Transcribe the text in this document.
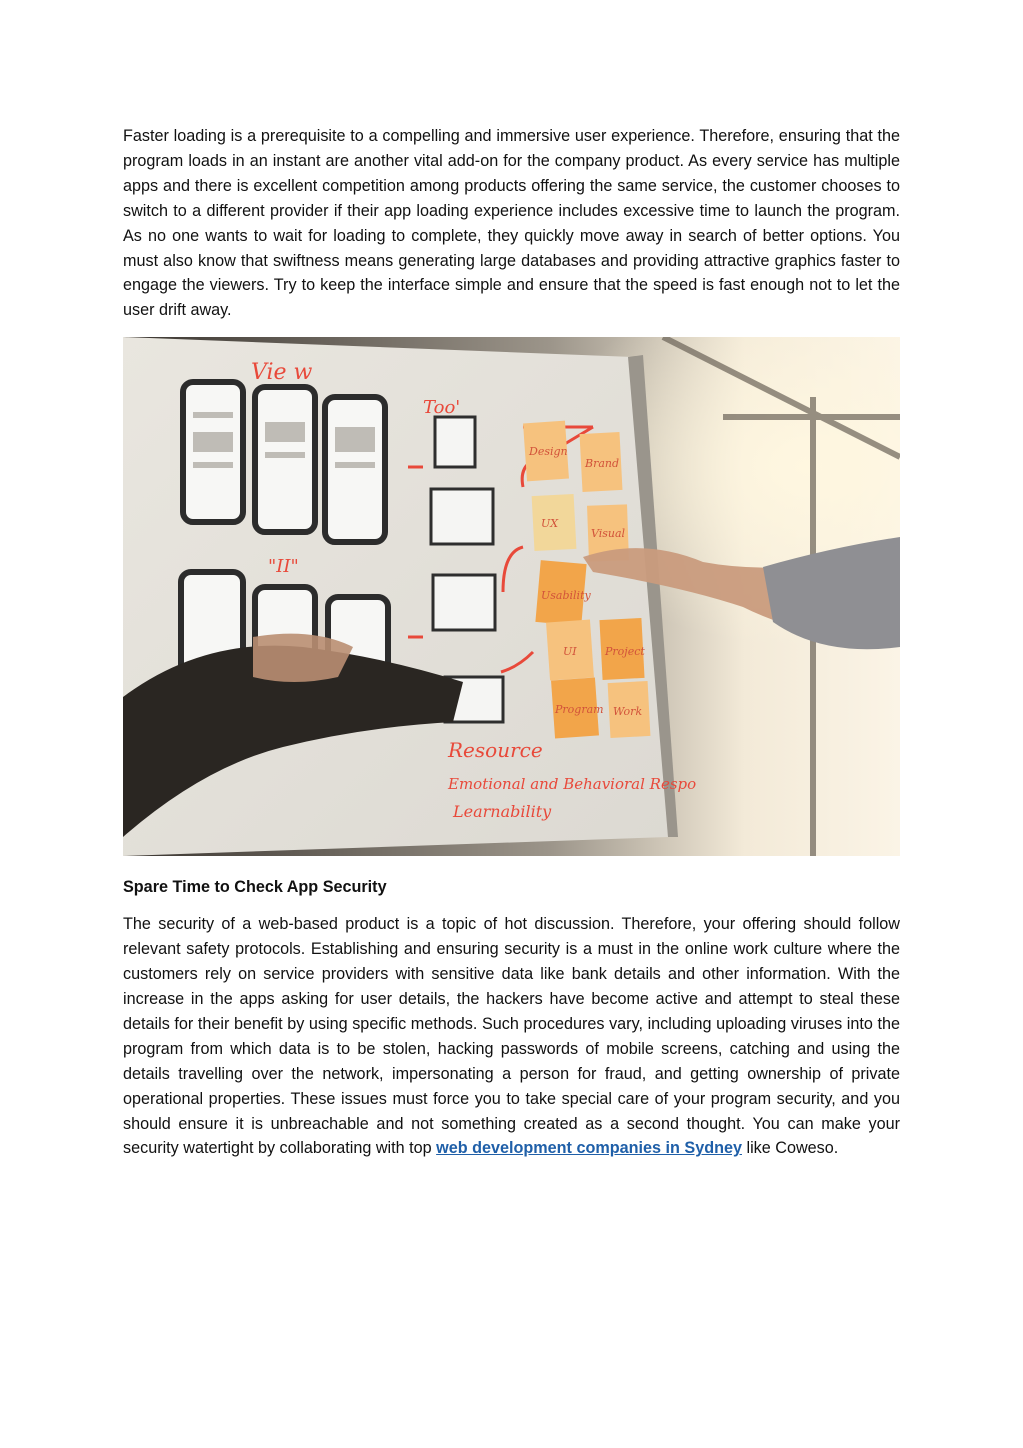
Faster loading is a prerequisite to a compelling and immersive user experience. Therefore, ensuring that the program loads in an instant are another vital add-on for the company product. As every service has multiple apps and there is excellent competition among products offering the same service, the customer chooses to switch to a different provider if their app loading experience includes excessive time to launch the program. As no one wants to wait for loading to complete, they quickly move away in search of better options. You must also know that swiftness means generating large databases and providing attractive graphics faster to engage the viewers. Try to keep the interface simple and ensure that the speed is fast enough not to let the user drift away.

Design
Brand
UX
Visual
Usability
UI	Project
Program Work
Vie w
Too'
"II"
Resource
Emotional and Behavioral Respo
Learnability
Spare Time to Check App Security

The security of a web-based product is a topic of hot discussion. Therefore, your offering should follow relevant safety protocols. Establishing and ensuring security is a must in the online work culture where the customers rely on service providers with sensitive data like bank details and other information. With the increase in the apps asking for user details, the hackers have become active and attempt to steal these details for their benefit by using specific methods. Such procedures vary, including uploading viruses into the program from which data is to be stolen, hacking passwords of mobile screens, catching and using the details travelling over the network, impersonating a person for fraud, and getting ownership of private operational properties. These issues must force you to take special care of your program security, and you should ensure it is unbreachable and not something created as a second thought. You can make your security watertight by collaborating with top web development companies in Sydney like Coweso.
